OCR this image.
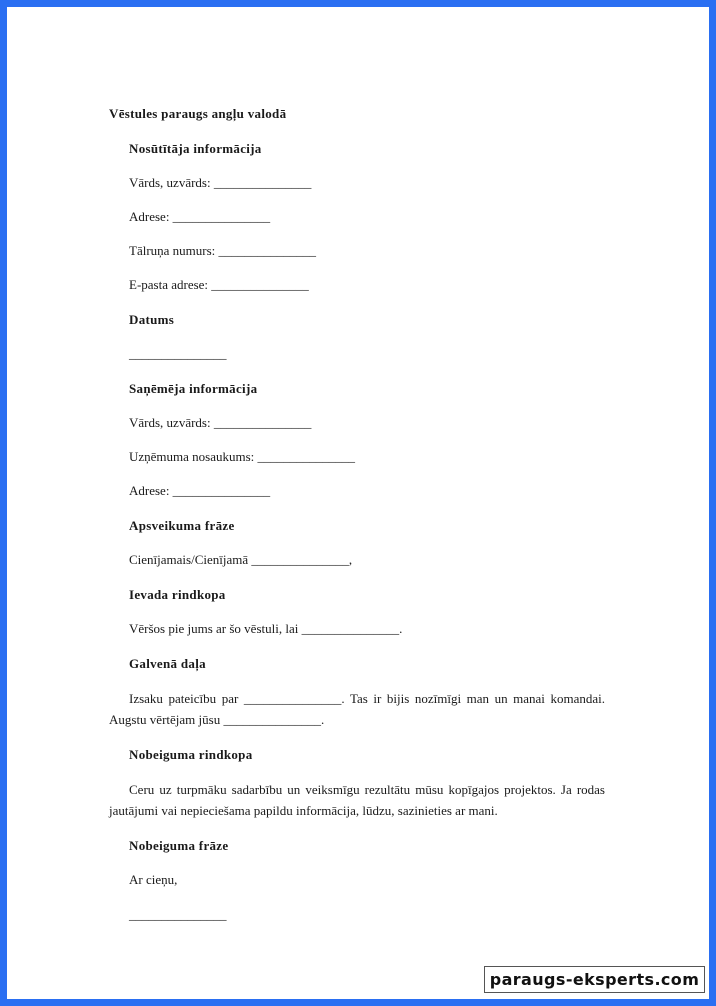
Vēstules paraugs angļu valodā
Nosūtītāja informācija
Vārds, uzvārds: _______________
Adrese: _______________
Tālruņa numurs: _______________
E-pasta adrese: _______________
Datums
_______________
Saņēmēja informācija
Vārds, uzvārds: _______________
Uzņēmuma nosaukums: _______________
Adrese: _______________
Apsveikuma frāze
Cienījamais/Cienījamā _______________,
Ievada rindkopa
Vēršos pie jums ar šo vēstuli, lai _______________.
Galvenā daļa
Izsaku pateicību par _______________. Tas ir bijis nozīmīgi man un manai komandai. Augstu vērtējam jūsu _______________.
Nobeiguma rindkopa
Ceru uz turpmāku sadarbību un veiksmīgu rezultātu mūsu kopīgajos projektos. Ja rodas jautājumi vai nepieciešama papildu informācija, lūdzu, sazinieties ar mani.
Nobeiguma frāze
Ar cieņu,
_______________
paraugs-eksperts.com
